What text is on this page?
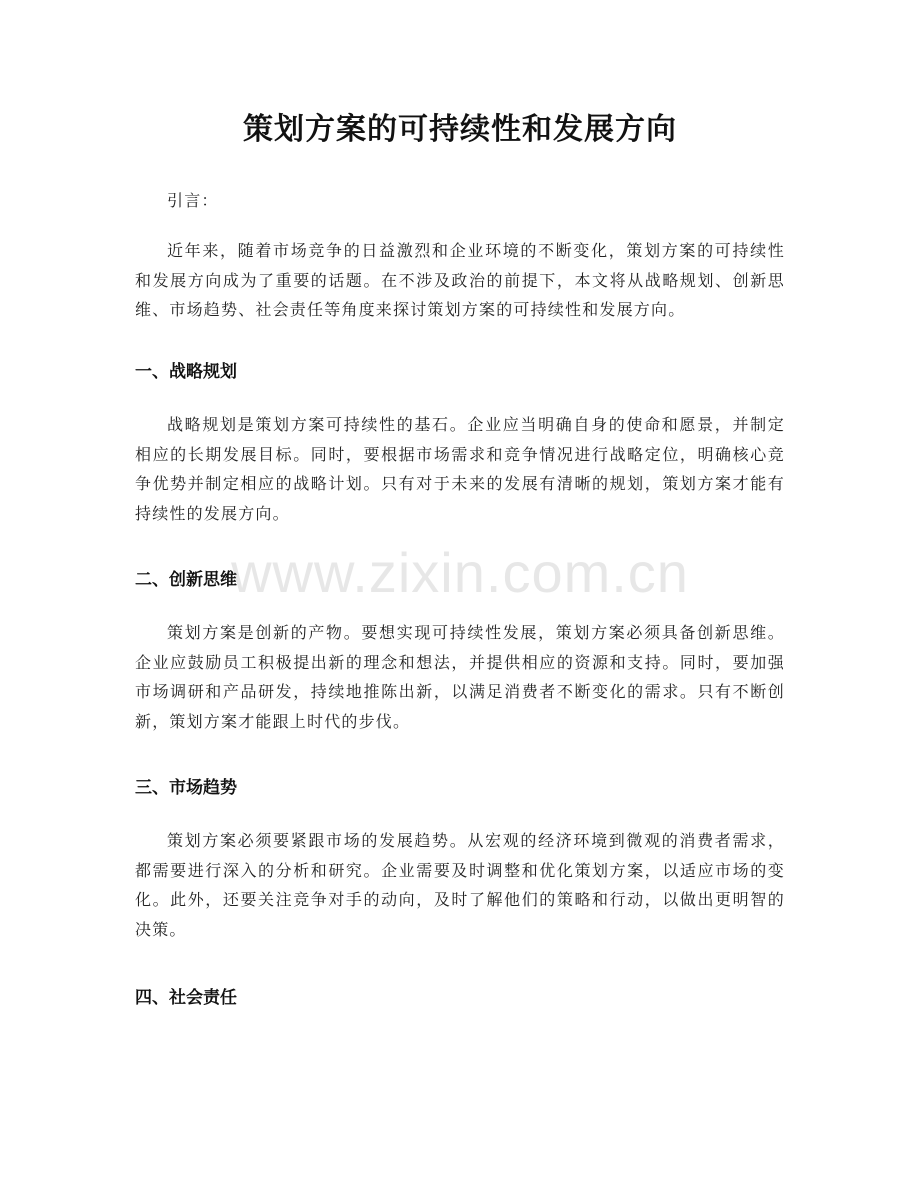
策划方案的可持续性和发展方向

引言：

近年来，随着市场竞争的日益激烈和企业环境的不断变化，策划方案的可持续性和发展方向成为了重要的话题。在不涉及政治的前提下，本文将从战略规划、创新思维、市场趋势、社会责任等角度来探讨策划方案的可持续性和发展方向。

一、战略规划

战略规划是策划方案可持续性的基石。企业应当明确自身的使命和愿景，并制定相应的长期发展目标。同时，要根据市场需求和竞争情况进行战略定位，明确核心竞争优势并制定相应的战略计划。只有对于未来的发展有清晰的规划，策划方案才能有持续性的发展方向。

二、创新思维

策划方案是创新的产物。要想实现可持续性发展，策划方案必须具备创新思维。企业应鼓励员工积极提出新的理念和想法，并提供相应的资源和支持。同时，要加强市场调研和产品研发，持续地推陈出新，以满足消费者不断变化的需求。只有不断创新，策划方案才能跟上时代的步伐。

三、市场趋势

策划方案必须要紧跟市场的发展趋势。从宏观的经济环境到微观的消费者需求，都需要进行深入的分析和研究。企业需要及时调整和优化策划方案，以适应市场的变化。此外，还要关注竞争对手的动向，及时了解他们的策略和行动，以做出更明智的决策。

四、社会责任
www.zixin.com.cn
